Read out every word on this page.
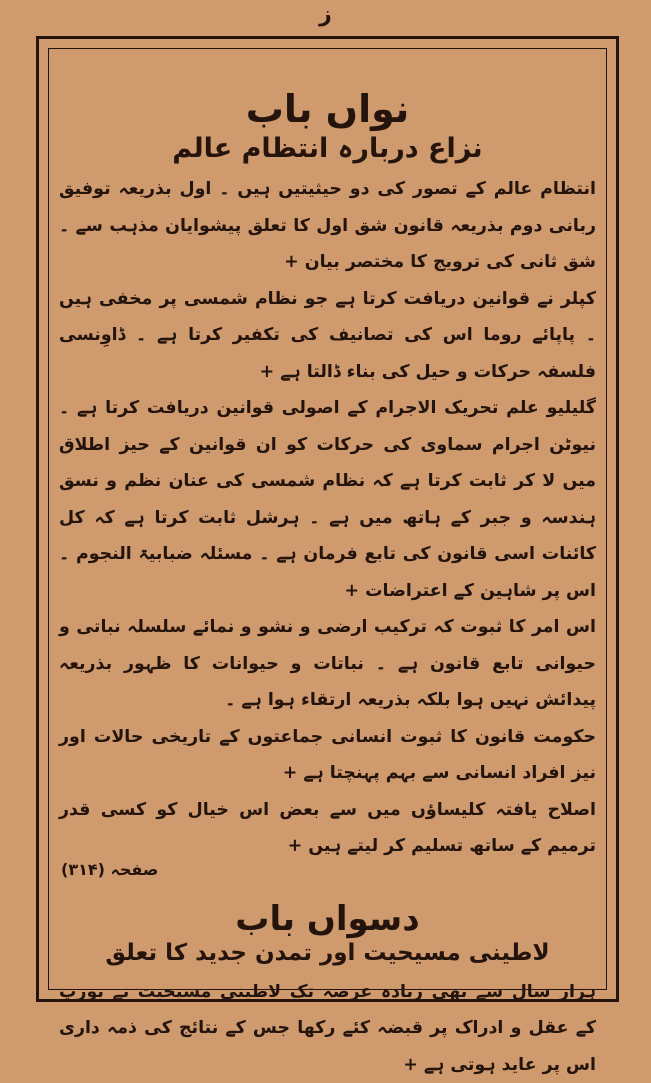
ز
نواں باب
نزاع دربارہ انتظام عالم

انتظام عالم کے تصور کی دو حیثیتیں ہیں ۔ اول بذریعہ توفیق ربانی دوم بذریعہ قانون شق اول کا تعلق پیشوایان مذہب سے ۔ شق ثانی کی ترویج کا مختصر بیان +

کپلر نے قوانین دریافت کرتا ہے جو نظام شمسی پر مخفی ہیں ۔ پاپائے روما اس کی تصانیف کی تکفیر کرتا ہے ۔ ڈاوِنسی فلسفہ حرکات و حیل کی بناء ڈالتا ہے +

گلیلیو علم تحریک الاجرام کے اصولی قوانین دریافت کرتا ہے ۔ نیوٹن اجرام سماوی کی حرکات کو ان قوانین کے حیز اطلاق میں لا کر ثابت کرتا ہے کہ نظام شمسی کی عنان نظم و نسق ہندسہ و جبر کے ہاتھ میں ہے ۔ ہرشل ثابت کرتا ہے کہ کل کائنات اسی قانون کی تابع فرمان ہے ۔ مسئلہ ضبابیۃ النجوم ۔ اس پر شاہین کے اعتراضات +

اس امر کا ثبوت کہ ترکیب ارضی و نشو و نمائے سلسلہ نباتی و حیوانی تابع قانون ہے ۔ نباتات و حیوانات کا ظہور بذریعہ پیدائش نہیں ہوا بلکہ بذریعہ ارتقاء ہوا ہے ۔

حکومت قانون کا ثبوت انسانی جماعتوں کے تاریخی حالات اور نیز افراد انسانی سے بہم پہنچتا ہے +

اصلاح یافتہ کلیساؤں میں سے بعض اس خیال کو کسی قدر ترمیم کے ساتھ تسلیم کر لیتے ہیں +

صفحہ (۳۱۴)
دسواں باب
لاطینی مسیحیت اور تمدن جدید کا تعلق

ہزار سال سے بھی زیادہ عرصہ تک لاطینی مسیحیت نے یورپ کے عقل و ادراک پر قبضہ کئے رکھا جس کے نتائج کی ذمہ داری اس پر عاید ہوتی ہے +
